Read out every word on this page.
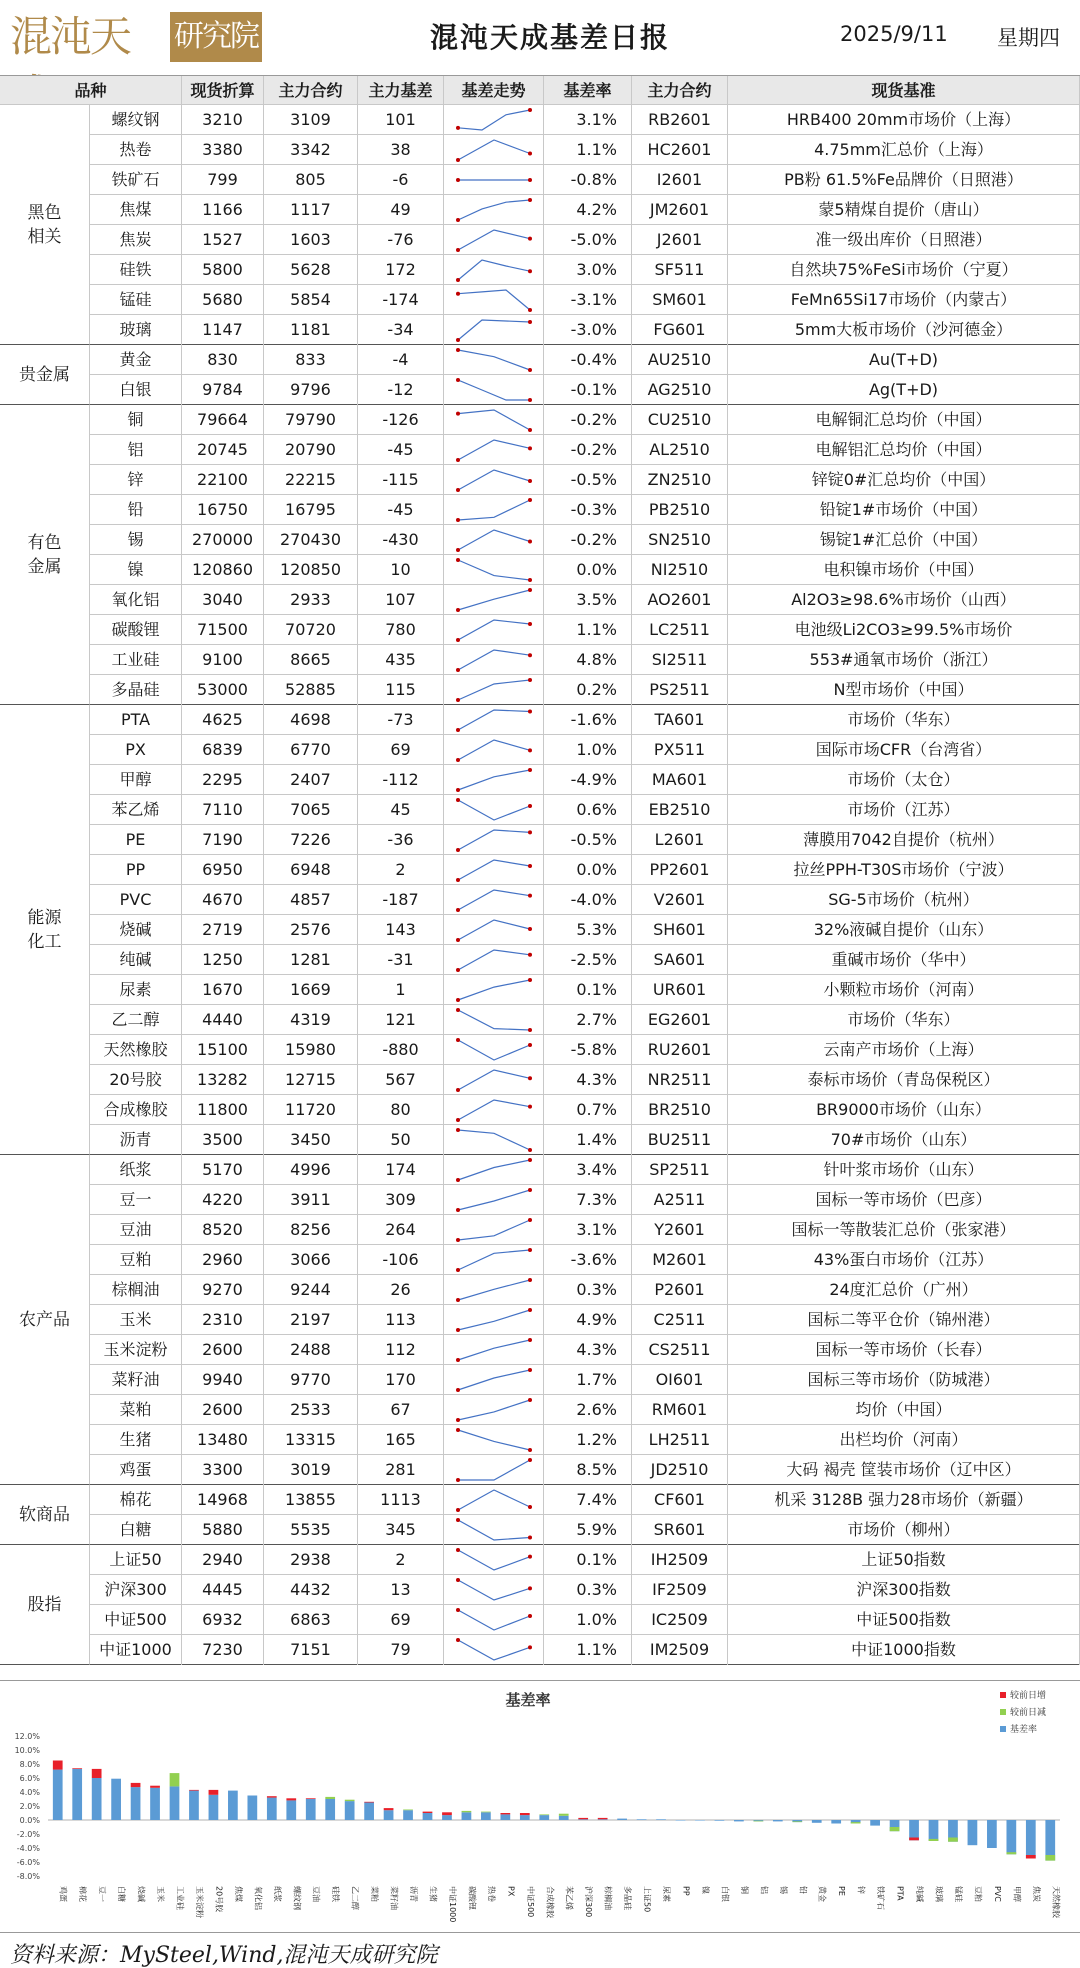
混沌天	研究院	混沌天成基差日报	2025/9/11 星期四
品种	现货折算	主力合约	主力基差	基差走势	基差率	主力合约	现货基准
螺纹钢	3210	3109	101	3.1%	RB2601	HRB400 20mm市场价（上海）
热卷	3380	3342	38	1.1%	HC2601	4.75mm汇总价（上海）
铁矿石	799	805	-6	-0.8%	I2601	PB粉 61.5%Fe品牌价（日照港）
焦煤	1166	1117	49	4.2%	JM2601	蒙5精煤自提价（唐山）
焦炭	1527	1603	-76	-5.0%	J2601	准一级出库价（日照港）
硅铁	5800	5628	172	3.0%	SF511	自然块75%FeSi市场价（宁夏）
锰硅	5680	5854	-174	-3.1%	SM601	FeMn65Si17市场价（内蒙古）
玻璃	1147	1181	-34	-3.0%	FG601	5mm大板市场价（沙河德金）
黑色
相关
黄金	830	833	-4	-0.4%	AU2510	Au(T+D)
白银	9784	9796	-12	-0.1%	AG2510	Ag(T+D)
贵金属
铜	79664	79790	-126	-0.2%	CU2510	电解铜汇总均价（中国）
铝	20745	20790	-45	-0.2%	AL2510	电解铝汇总均价（中国）
锌	22100	22215	-115	-0.5%	ZN2510	锌锭0#汇总均价（中国）
铅	16750	16795	-45	-0.3%	PB2510	铅锭1#市场价（中国）
锡	270000	270430	-430	-0.2%	SN2510	锡锭1#汇总价（中国）
镍	120860	120850	10	0.0%	NI2510	电积镍市场价（中国）
氧化铝	3040	2933	107	3.5%	AO2601	Al2O3≥98.6%市场价（山西）
碳酸锂	71500	70720	780	1.1%	LC2511	电池级Li2CO3≥99.5%市场价
工业硅	9100	8665	435	4.8%	SI2511	553#通氧市场价（浙江）
多晶硅	53000	52885	115	0.2%	PS2511	N型市场价（中国）
有色
金属
PTA	4625	4698	-73	-1.6%	TA601	市场价（华东）
PX	6839	6770	69	1.0%	PX511	国际市场CFR（台湾省）
甲醇	2295	2407	-112	-4.9%	MA601	市场价（太仓）
苯乙烯	7110	7065	45	0.6%	EB2510	市场价（江苏）
PE	7190	7226	-36	-0.5%	L2601	薄膜用7042自提价（杭州）
PP	6950	6948	2	0.0%	PP2601	拉丝PPH-T30S市场价（宁波）
PVC	4670	4857	-187	-4.0%	V2601	SG-5市场价（杭州）
烧碱	2719	2576	143	5.3%	SH601	32%液碱自提价（山东）
纯碱	1250	1281	-31	-2.5%	SA601	重碱市场价（华中）
尿素	1670	1669	1	0.1%	UR601	小颗粒市场价（河南）
乙二醇	4440	4319	121	2.7%	EG2601	市场价（华东）
天然橡胶	15100	15980	-880	-5.8%	RU2601	云南产市场价（上海）
20号胶	13282	12715	567	4.3%	NR2511	泰标市场价（青岛保税区）
合成橡胶	11800	11720	80	0.7%	BR2510	BR9000市场价（山东）
沥青	3500	3450	50	1.4%	BU2511	70#市场价（山东）
能源
化工
纸浆	5170	4996	174	3.4%	SP2511	针叶浆市场价（山东）
豆一	4220	3911	309	7.3%	A2511	国标一等市场价（巴彦）
豆油	8520	8256	264	3.1%	Y2601	国标一等散装汇总价（张家港）
豆粕	2960	3066	-106	-3.6%	M2601	43%蛋白市场价（江苏）
棕榈油	9270	9244	26	0.3%	P2601	24度汇总价（广州）
玉米	2310	2197	113	4.9%	C2511	国标二等平仓价（锦州港）
玉米淀粉	2600	2488	112	4.3%	CS2511	国标一等市场价（长春）
菜籽油	9940	9770	170	1.7%	OI601	国标三等市场价（防城港）
菜粕	2600	2533	67	2.6%	RM601	均价（中国）
生猪	13480	13315	165	1.2%	LH2511	出栏均价（河南）
鸡蛋	3300	3019	281	8.5%	JD2510	大码 褐壳 筐装市场价（辽中区）
农产品
棉花	14968	13855	1113	7.4%	CF601	机采 3128B 强力28市场价（新疆）
白糖	5880	5535	345	5.9%	SR601	市场价（柳州）
软商品
上证50	2940	2938	2	0.1%	IH2509	上证50指数
沪深300	4445	4432	13	0.3%	IF2509	沪深300指数
中证500	6932	6863	69	1.0%	IC2509	中证500指数
中证1000	7230	7151	79	1.1%	IM2509	中证1000指数
股指
基差率
-8.0%
-6.0%
-4.0%
-2.0%
0.0%
2.0%
4.0%
6.0%
8.0%
10.0%
12.0%
较前日增
较前日减
基差率
鸡蛋 棉花 豆一 白糖 烧碱 玉米 工业硅 玉米淀粉 20号胶 焦煤 氧化铝 纸浆 螺纹钢 豆油 硅铁 乙二醇 菜粕 菜籽油 沥青 生猪 中证1000 碳酸锂 热卷 PX 中证500 合成橡胶 苯乙烯 沪深300 棕榈油 多晶硅 上证50 尿素 PP 镍 白银 铜 铝 锡 铅 黄金 PE 锌 铁矿石 PTA 纯碱 玻璃 锰硅 豆粕 PVC 甲醇 焦炭 天然橡胶
资料来源：MySteel,Wind,混沌天成研究院
